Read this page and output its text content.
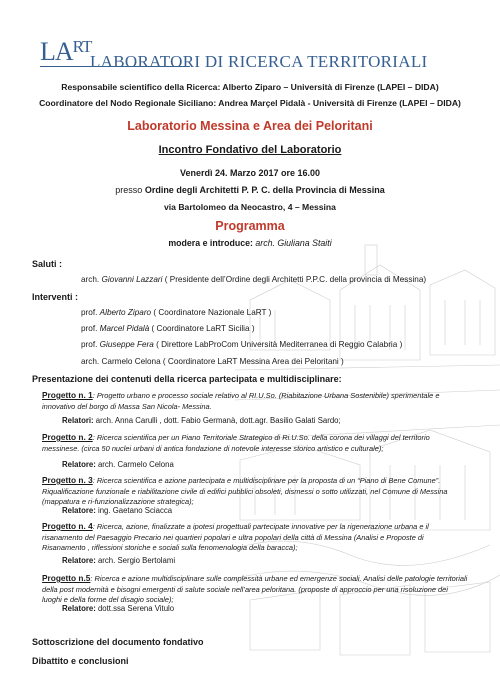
$LA^{RT}$
LABORATORI DI RICERCA TERRITORIALI
Responsabile scientifico della Ricerca: Alberto Ziparo – Università di Firenze (LAPEI – DIDA)
Coordinatore del Nodo Regionale Siciliano: Andrea Marçel Pidalà - Università di Firenze (LAPEI – DIDA)
Laboratorio Messina e Area dei Peloritani
Incontro Fondativo del Laboratorio
Venerdì 24. Marzo 2017 ore 16.00
presso Ordine degli Architetti P. P. C. della Provincia di Messina
via Bartolomeo da Neocastro, 4 – Messina
Programma
modera e introduce: arch. Giuliana Staiti
Saluti :
arch. Giovanni Lazzari ( Presidente dell’Ordine degli Architetti P.P.C. della provincia di Messina)
Interventi :
prof. Alberto Ziparo ( Coordinatore Nazionale LaRT )
prof. Marcel Pidalà ( Coordinatore LaRT Sicilia )
prof. Giuseppe Fera ( Direttore LabProCom Università Mediterranea di Reggio Calabria )
arch. Carmelo Celona ( Coordinatore LaRT Messina Area dei Peloritani )
Presentazione dei contenuti della ricerca partecipata e multidisciplinare:
Progetto n. 1: Progetto urbano e processo sociale relativo al RI.U.So. (Riabitazione Urbana Sostenibile) sperimentale e innovativo del borgo di Massa San Nicola- Messina.
Relatori: arch. Anna Carulli , dott. Fabio Germanà, dott.agr. Basilio Galati Sardo;
Progetto n. 2: Ricerca scientifica per un Piano Territoriale Strategico di Ri.U.So. della corona dei villaggi del territorio messinese. (circa 50 nuclei urbani di antica fondazione di notevole interesse storico artistico e culturale);
Relatore: arch. Carmelo Celona
Progetto n. 3: Ricerca scientifica e azione partecipata e multidisciplinare per la proposta di un “Piano di Bene Comune”. Riqualificazione funzionale e riabilitazione civile di edifici pubblici obsoleti, dismessi o sotto utilizzati, nel Comune di Messina (mappatura e ri-funzionalizzazione strategica);
Relatore: ing. Gaetano Sciacca
Progetto n. 4: Ricerca, azione, finalizzate a ipotesi progettuali partecipate innovative per la rigenerazione urbana e il risanamento del Paesaggio Precario nei quartieri popolari e ultra popolari della città di Messina (Analisi e Proposte di Risanamento , riflessioni storiche e sociali sulla fenomenologia della baracca);
Relatore: arch. Sergio Bertolami
Progetto n.5: Ricerca e azione multidisciplinare sulle complessità urbane ed emergenze sociali. Analisi delle patologie territoriali della post modernità e bisogni emergenti di salute sociale nell’area peloritana. (proposte di approccio per una risoluzione dei luoghi e della forme del disagio sociale);
Relatore: dott.ssa Serena Vitulo
Sottoscrizione del documento fondativo
Dibattito e conclusioni
